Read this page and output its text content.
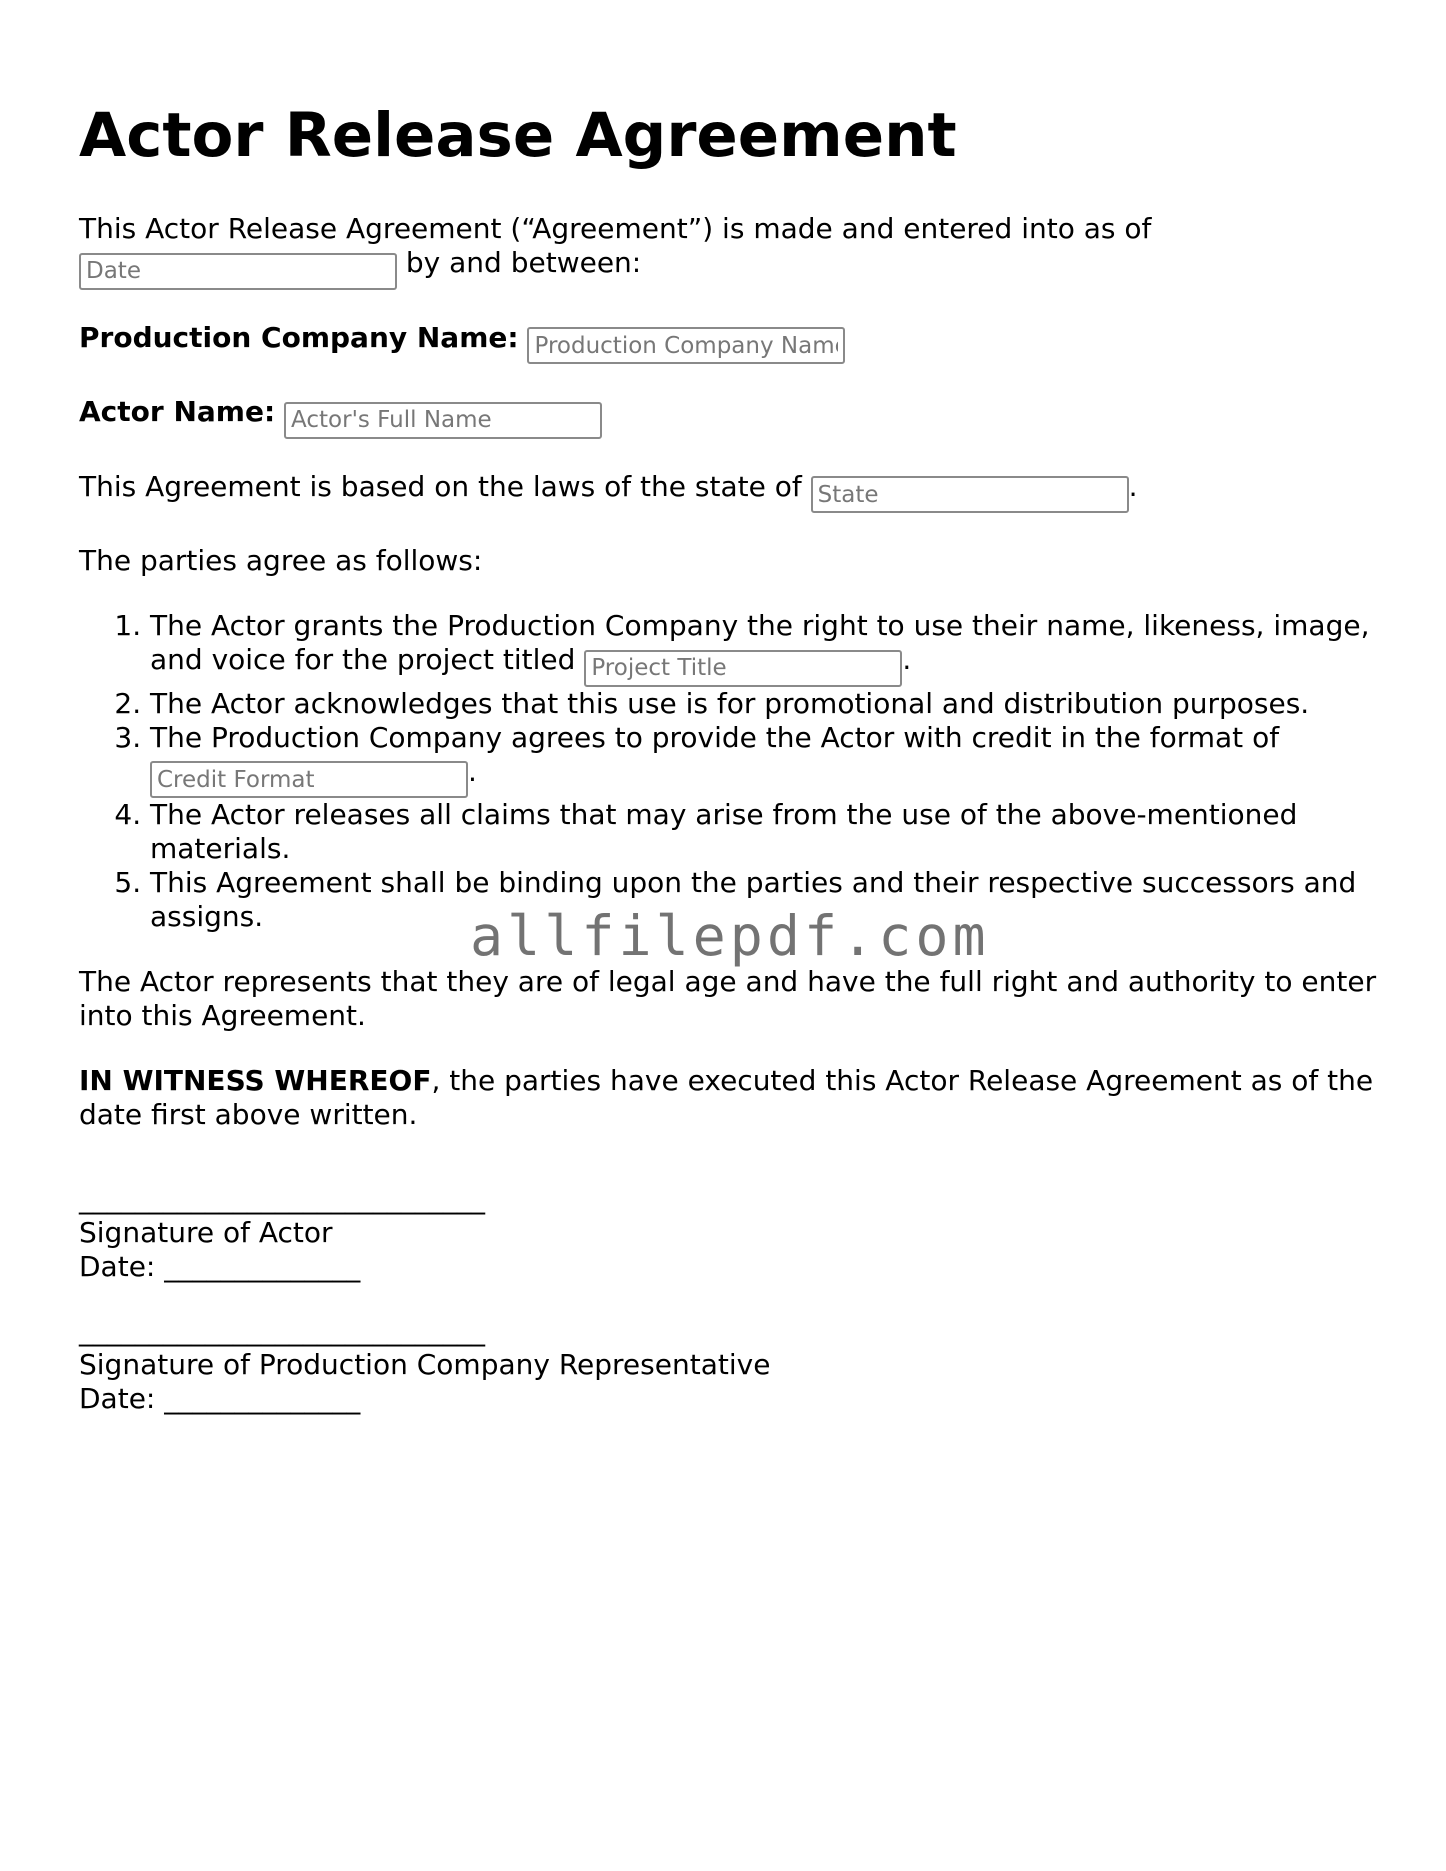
Actor Release Agreement

This Actor Release Agreement (“Agreement”) is made and entered into as of
Date by and between:

Production Company Name: Production Company Name

Actor Name: Actor's Full Name

This Agreement is based on the laws of the state of State	.

The parties agree as follows:

1. The Actor grants the Production Company the right to use their name, likeness, image, and voice for the project titled Project Title	.
2. The Actor acknowledges that this use is for promotional and distribution purposes.
3. The Production Company agrees to provide the Actor with credit in the format of
Credit Format.
4. The Actor releases all claims that may arise from the use of the above-mentioned materials.
5. This Agreement shall be binding upon the parties and their respective successors and assigns.

The Actor represents that they are of legal age and have the full right and authority to enter into this Agreement.

IN WITNESS WHEREOF, the parties have executed this Actor Release Agreement as of the date first above written.

_____________________________
Signature of Actor
Date: ______________
_____________________________
Signature of Production Company Representative
Date: ______________
allfilepdf.com
